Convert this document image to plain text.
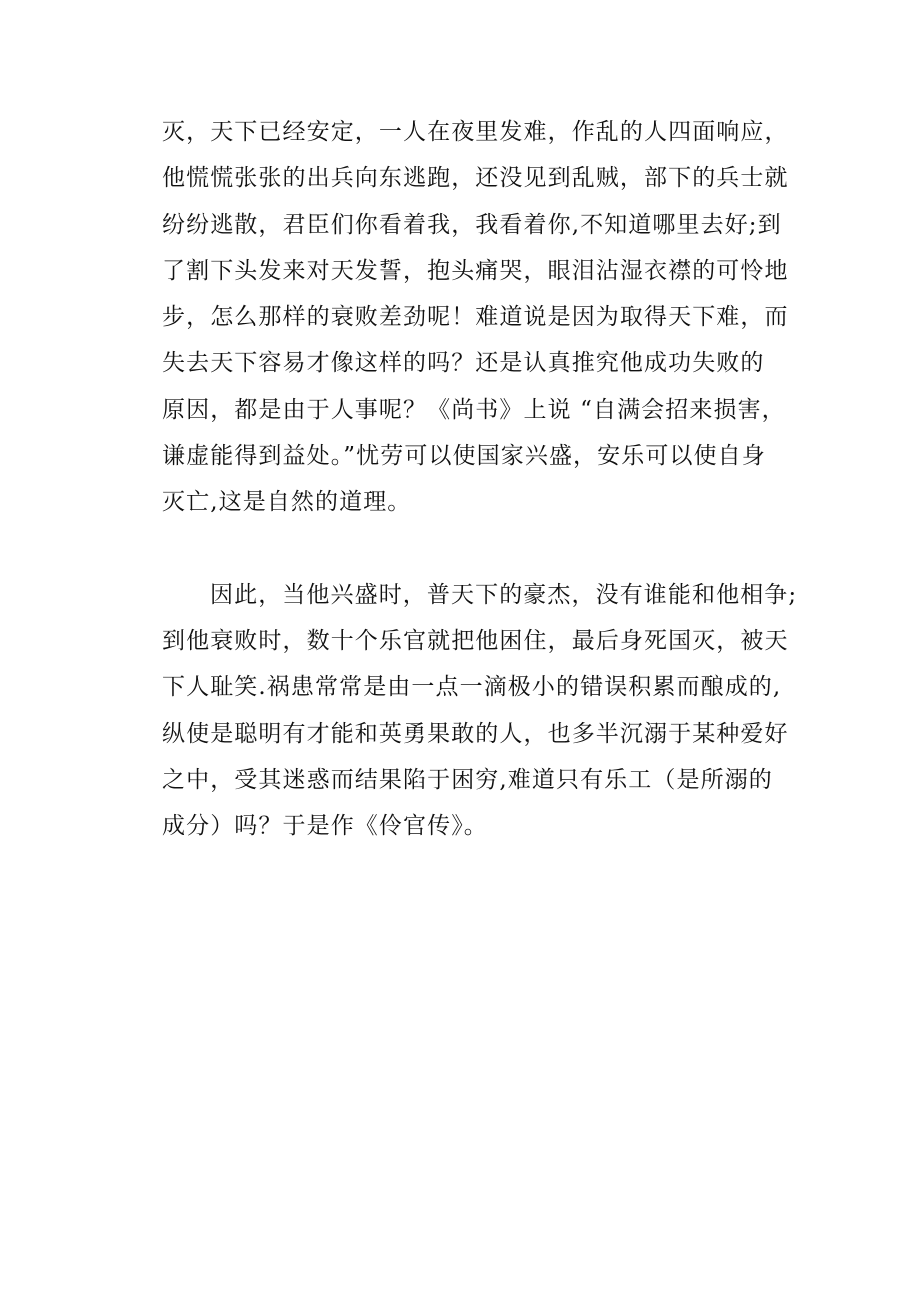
灭，天下已经安定，一人在夜里发难，作乱的人四面响应，
他慌慌张张的出兵向东逃跑，还没见到乱贼，部下的兵士就
纷纷逃散，君臣们你看着我，我看着你,不知道哪里去好;到
了割下头发来对天发誓，抱头痛哭，眼泪沾湿衣襟的可怜地
步，怎么那样的衰败差劲呢！难道说是因为取得天下难，而
失去天下容易才像这样的吗？还是认真推究他成功失败的
原因，都是由于人事呢？《尚书》上说 “自满会招来损害，
谦虚能得到益处。”忧劳可以使国家兴盛，安乐可以使自身
灭亡,这是自然的道理。

因此，当他兴盛时，普天下的豪杰，没有谁能和他相争;
到他衰败时，数十个乐官就把他困住，最后身死国灭，被天
下人耻笑.祸患常常是由一点一滴极小的错误积累而酿成的,
纵使是聪明有才能和英勇果敢的人，也多半沉溺于某种爱好
之中，受其迷惑而结果陷于困穷,难道只有乐工（是所溺的
成分）吗？于是作《伶官传》。
